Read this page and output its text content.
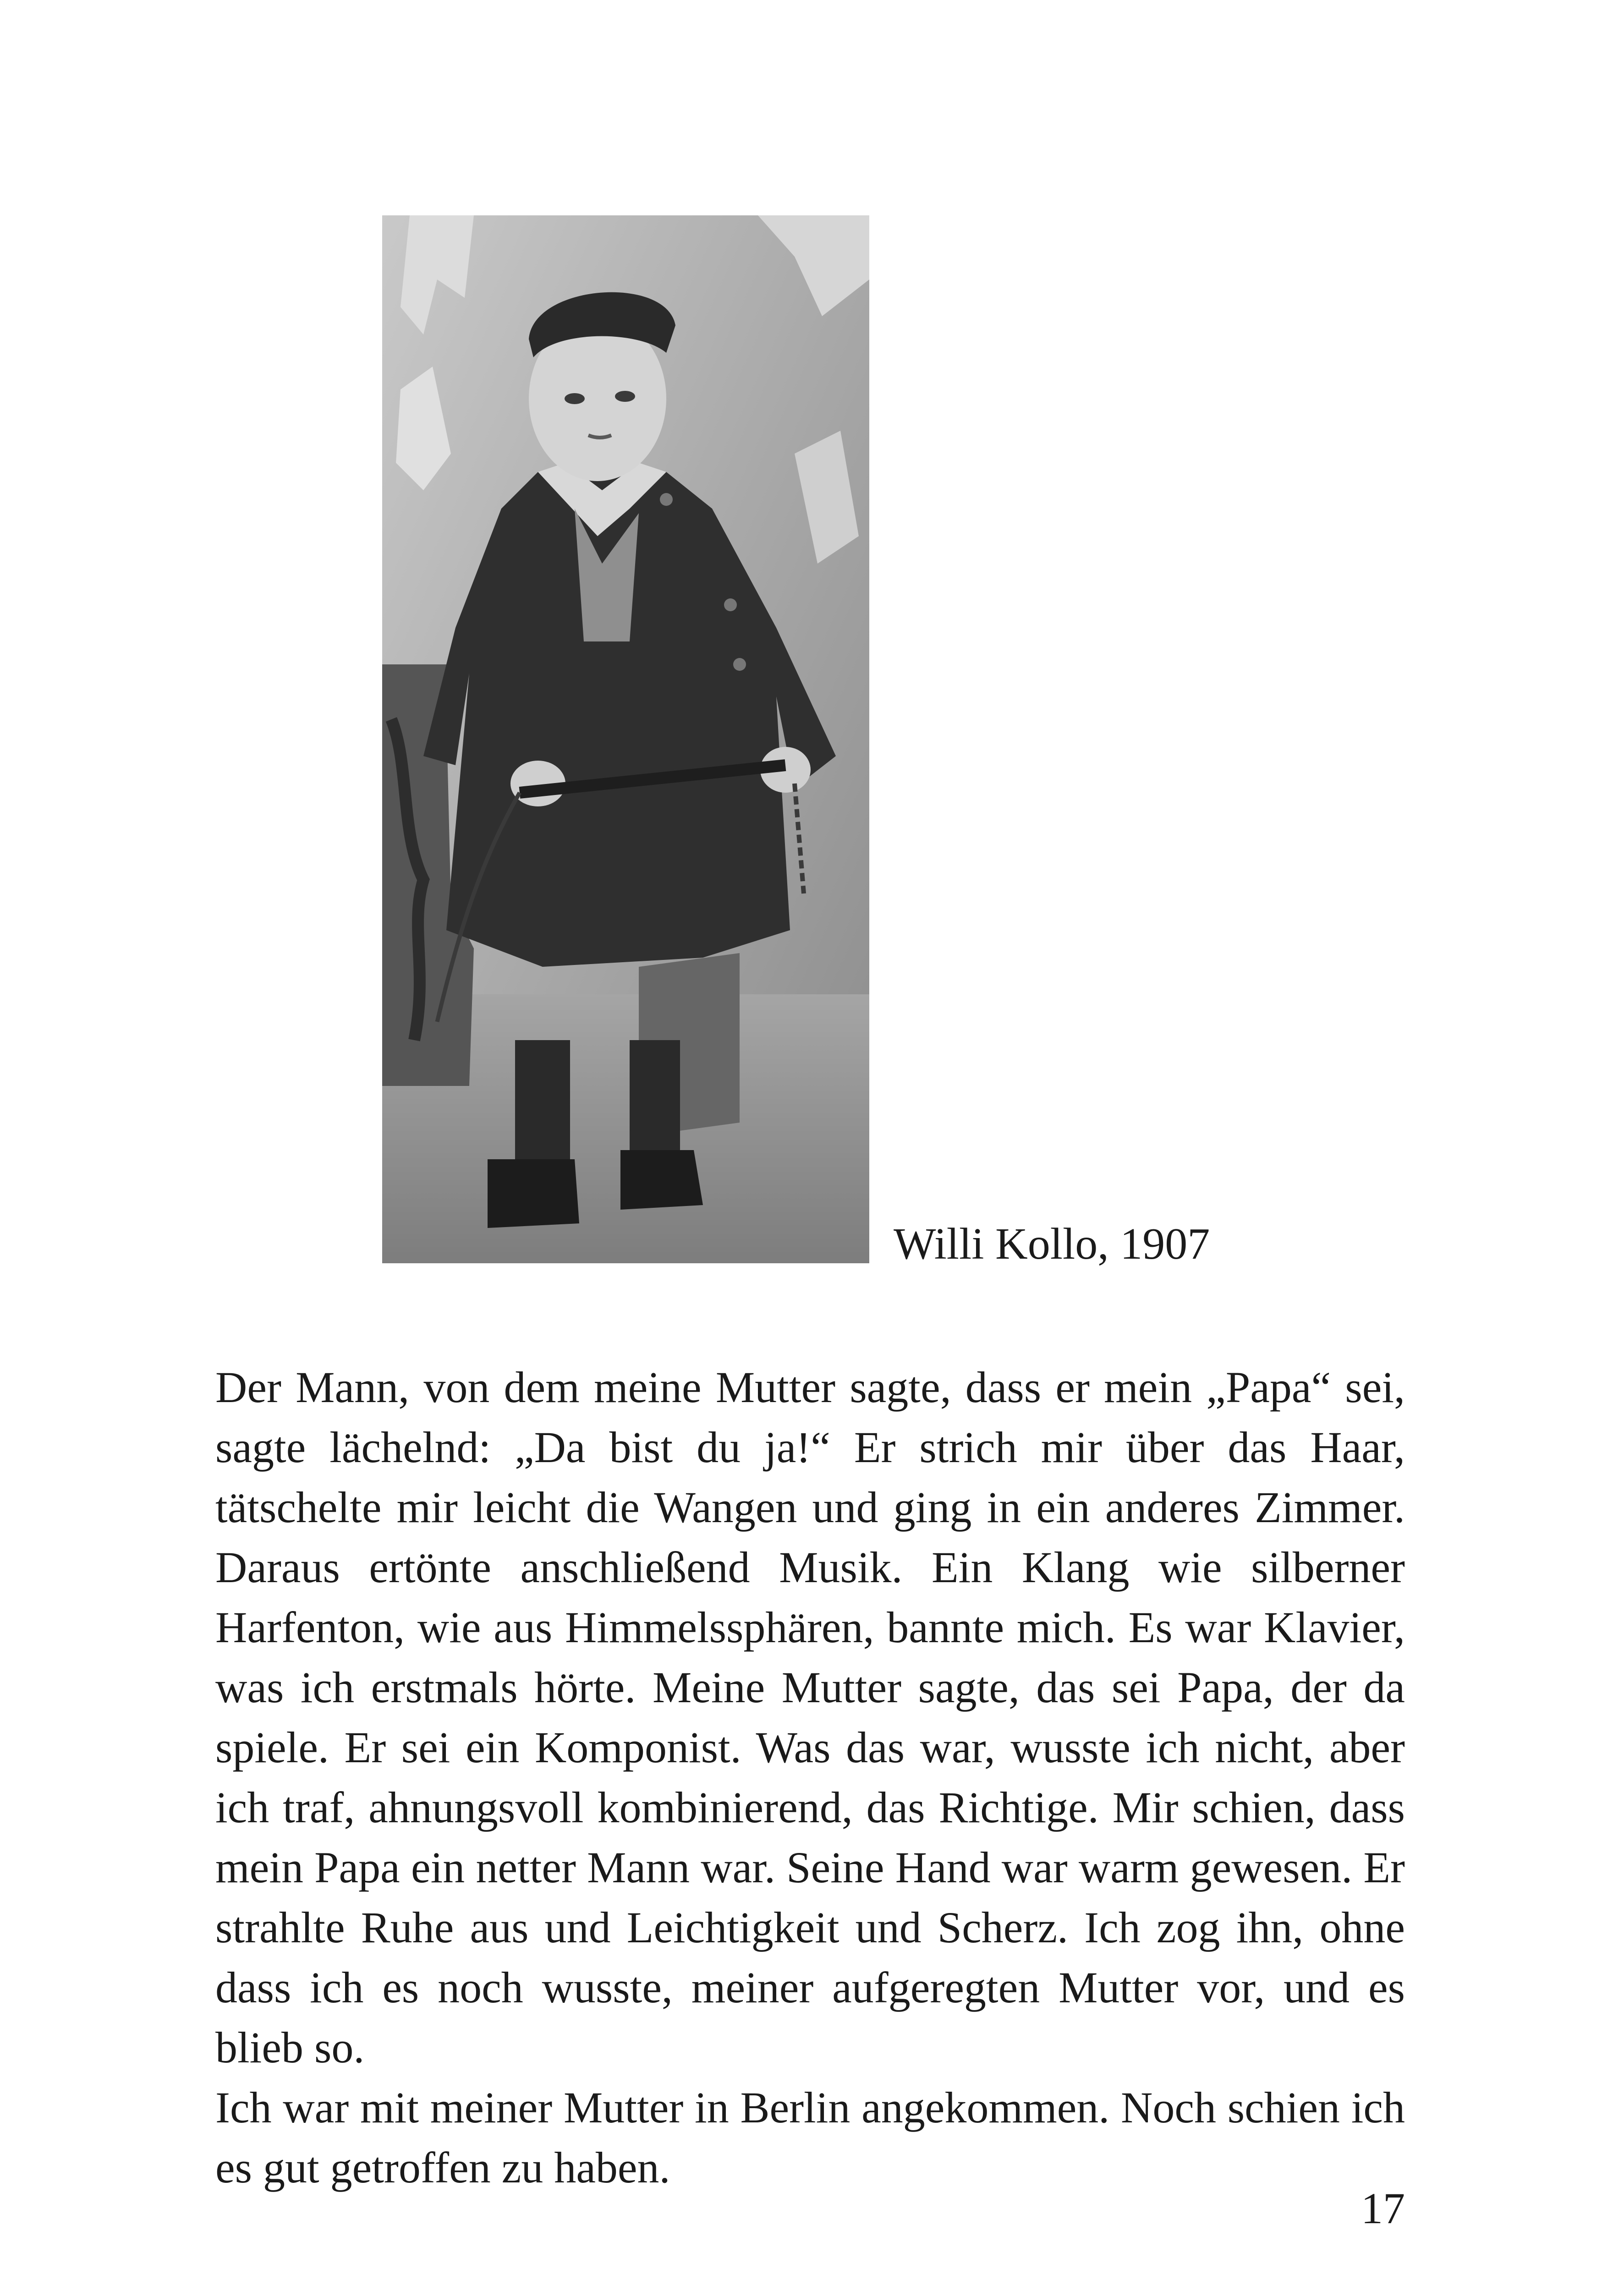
Willi Kollo, 1907

Der Mann, von dem meine Mutter sagte, dass er mein „Papa“ sei, sagte lächelnd: „Da bist du ja!“ Er strich mir über das Haar, tätschelte mir leicht die Wangen und ging in ein anderes Zimmer. Daraus ertönte anschließend Musik. Ein Klang wie silberner Harfenton, wie aus Himmelssphären, bannte mich. Es war Klavier, was ich erstmals hörte. Meine Mutter sagte, das sei Papa, der da spiele. Er sei ein Komponist. Was das war, wusste ich nicht, aber ich traf, ahnungsvoll kombinierend, das Richtige. Mir schien, dass mein Papa ein netter Mann war. Seine Hand war warm gewesen. Er strahlte Ruhe aus und Leichtigkeit und Scherz. Ich zog ihn, ohne dass ich es noch wusste, meiner aufgeregten Mutter vor, und es blieb so.

Ich war mit meiner Mutter in Berlin angekommen. Noch schien ich es gut getroffen zu haben.

17
